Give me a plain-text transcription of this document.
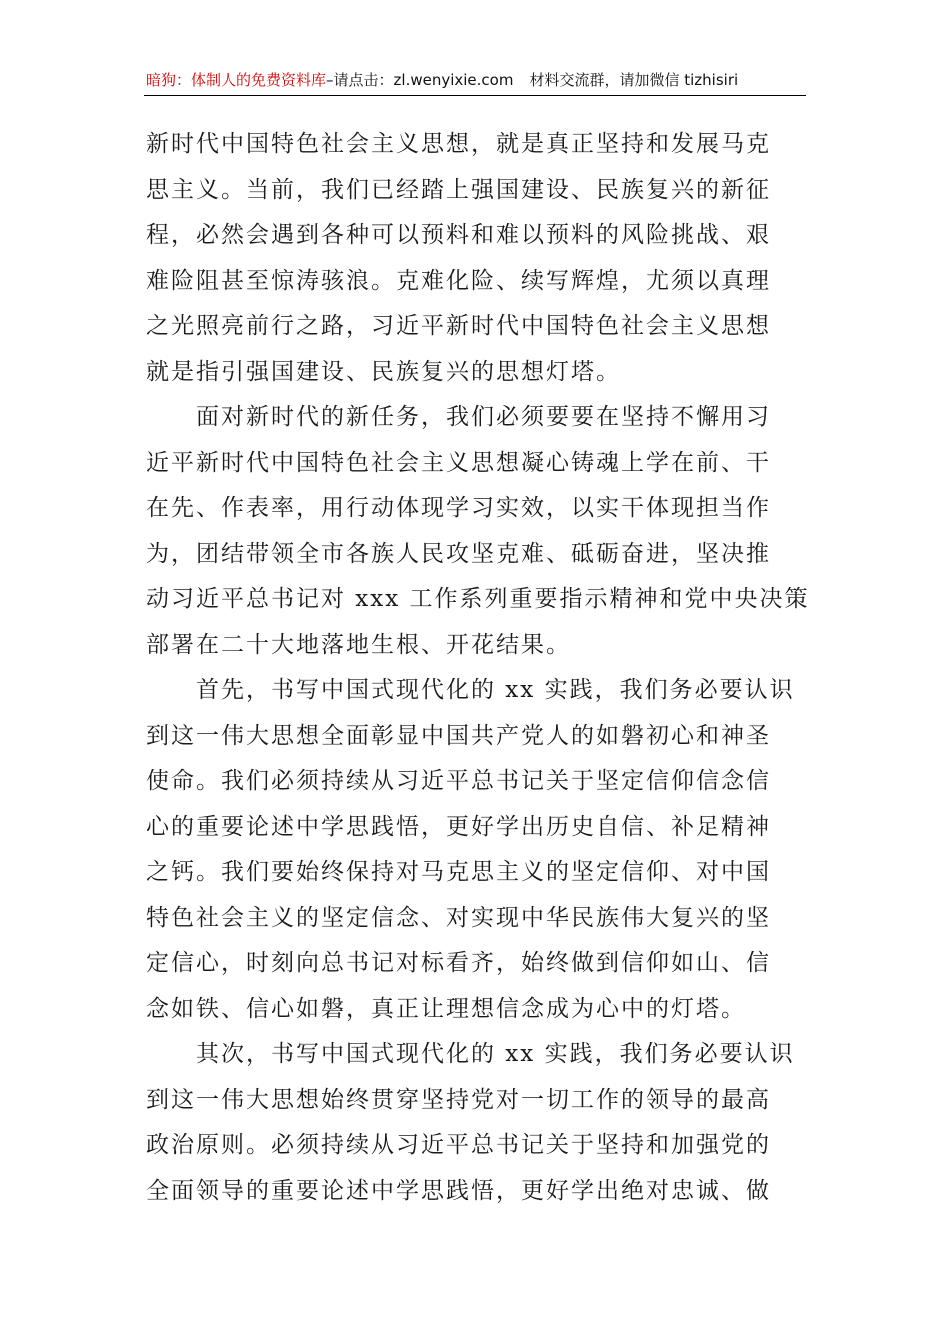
暗狗：体制人的免费资料库–请点击：zl.wenyixie.com 材料交流群，请加微信 tizhisiri
新时代中国特色社会主义思想，就是真正坚持和发展马克
思主义。当前，我们已经踏上强国建设、民族复兴的新征
程，必然会遇到各种可以预料和难以预料的风险挑战、艰
难险阻甚至惊涛骇浪。克难化险、续写辉煌，尤须以真理
之光照亮前行之路，习近平新时代中国特色社会主义思想
就是指引强国建设、民族复兴的思想灯塔。
　　面对新时代的新任务，我们必须要要在坚持不懈用习
近平新时代中国特色社会主义思想凝心铸魂上学在前、干
在先、作表率，用行动体现学习实效，以实干体现担当作
为，团结带领全市各族人民攻坚克难、砥砺奋进，坚决推
动习近平总书记对 xxx 工作系列重要指示精神和党中央决策
部署在二十大地落地生根、开花结果。
　　首先，书写中国式现代化的 xx 实践，我们务必要认识
到这一伟大思想全面彰显中国共产党人的如磐初心和神圣
使命。我们必须持续从习近平总书记关于坚定信仰信念信
心的重要论述中学思践悟，更好学出历史自信、补足精神
之钙。我们要始终保持对马克思主义的坚定信仰、对中国
特色社会主义的坚定信念、对实现中华民族伟大复兴的坚
定信心，时刻向总书记对标看齐，始终做到信仰如山、信
念如铁、信心如磐，真正让理想信念成为心中的灯塔。
　　其次，书写中国式现代化的 xx 实践，我们务必要认识
到这一伟大思想始终贯穿坚持党对一切工作的领导的最高
政治原则。必须持续从习近平总书记关于坚持和加强党的
全面领导的重要论述中学思践悟，更好学出绝对忠诚、做
